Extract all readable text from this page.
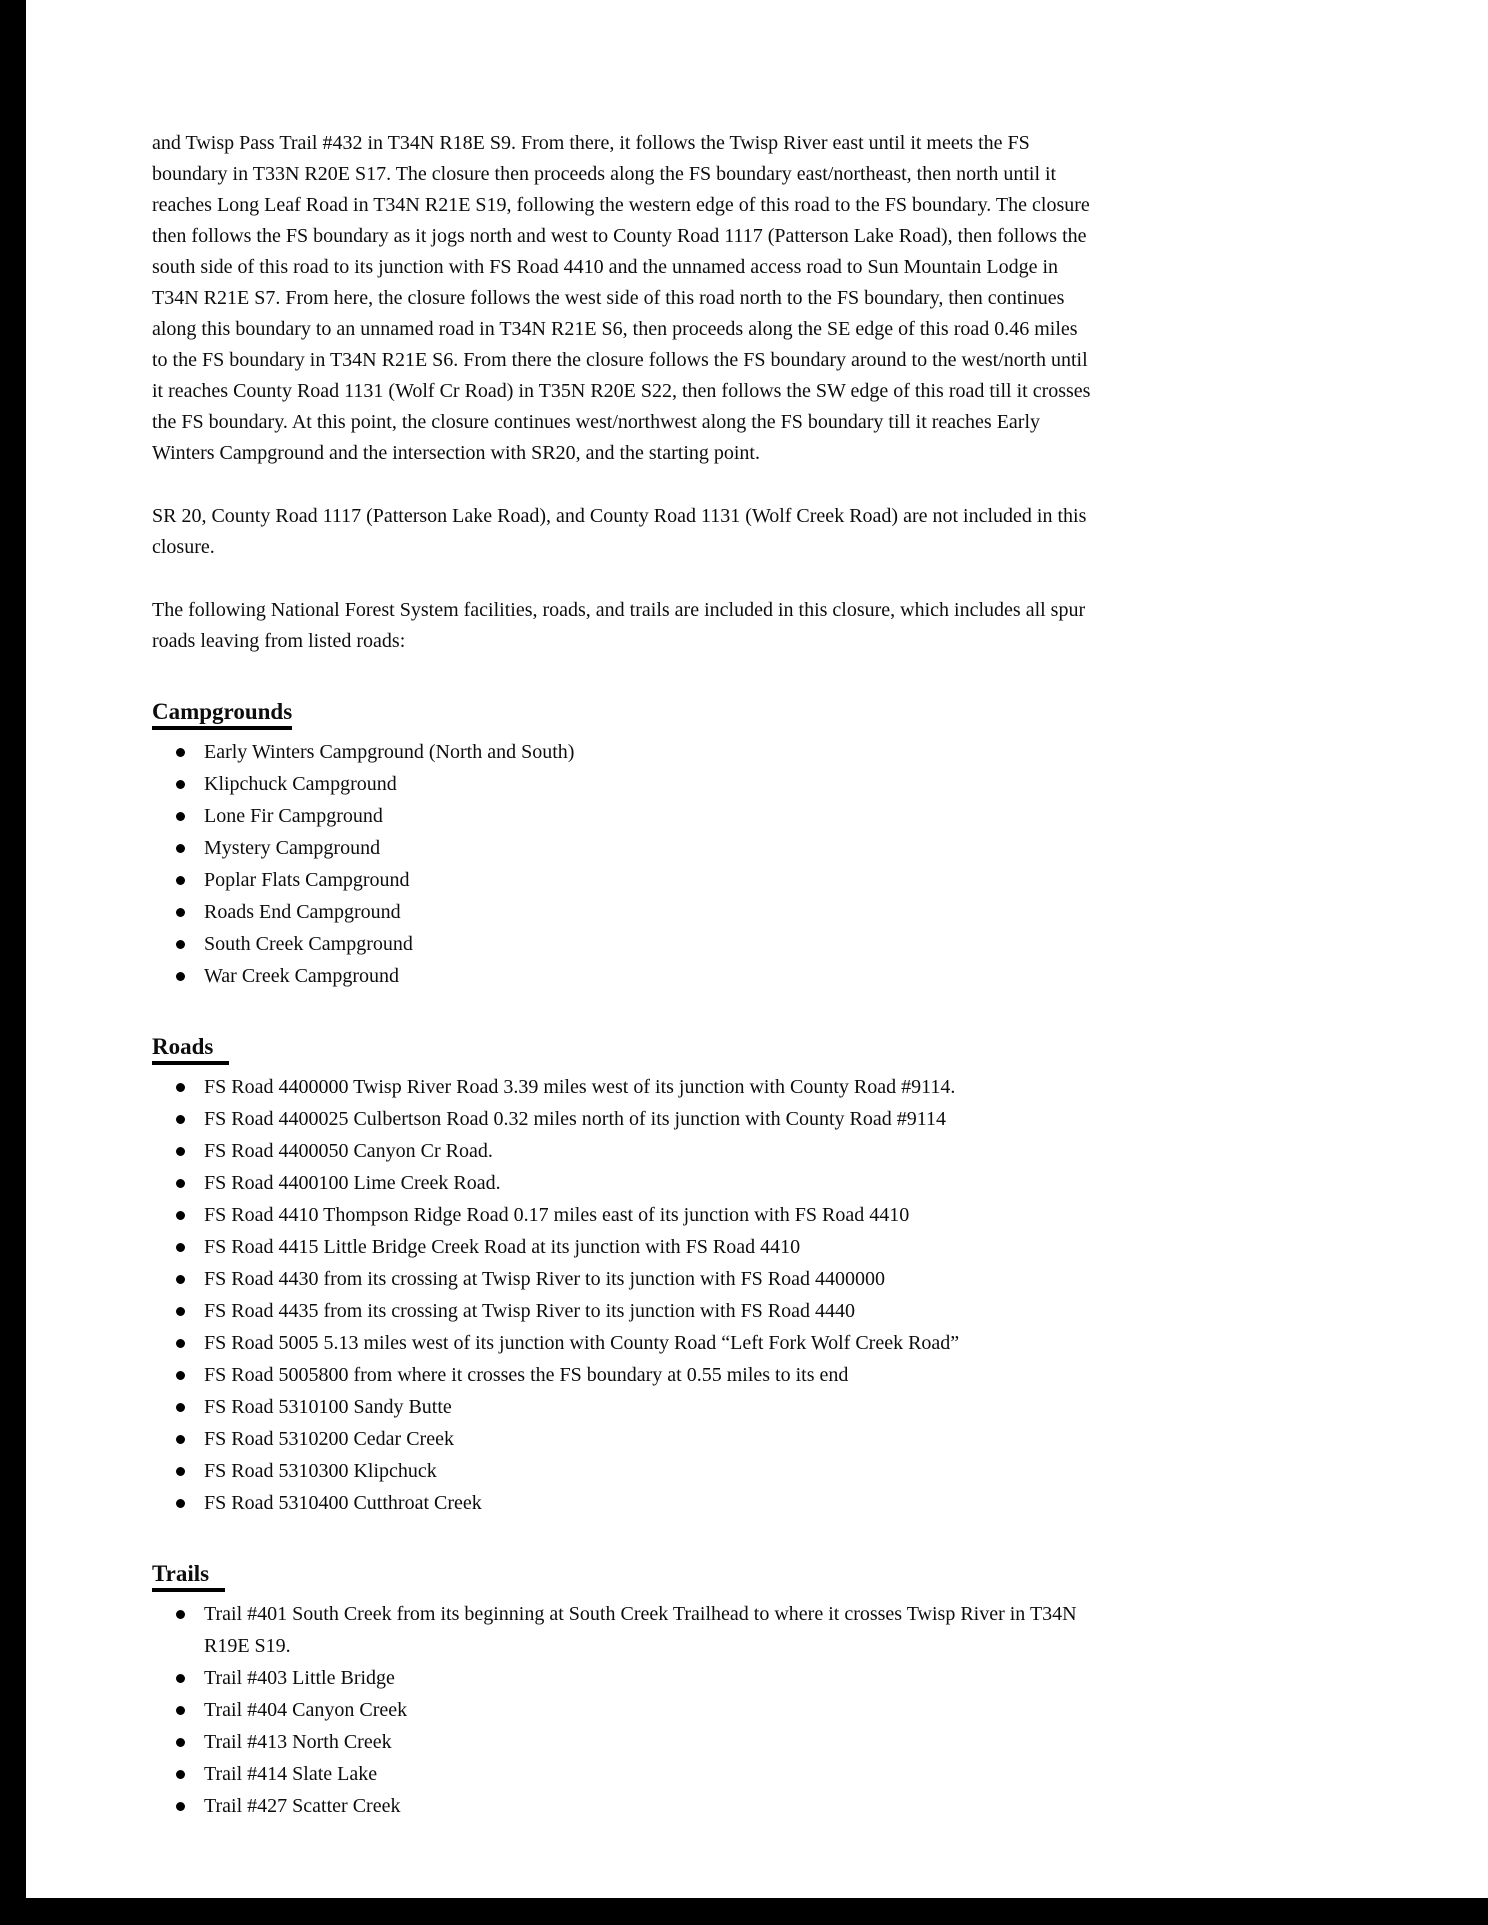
and Twisp Pass Trail #432 in T34N R18E S9. From there, it follows the Twisp River east until it meets the FS boundary in T33N R20E S17. The closure then proceeds along the FS boundary east/northeast, then north until it reaches Long Leaf Road in T34N R21E S19, following the western edge of this road to the FS boundary. The closure then follows the FS boundary as it jogs north and west to County Road 1117 (Patterson Lake Road), then follows the south side of this road to its junction with FS Road 4410 and the unnamed access road to Sun Mountain Lodge in T34N R21E S7. From here, the closure follows the west side of this road north to the FS boundary, then continues along this boundary to an unnamed road in T34N R21E S6, then proceeds along the SE edge of this road 0.46 miles to the FS boundary in T34N R21E S6. From there the closure follows the FS boundary around to the west/north until it reaches County Road 1131 (Wolf Cr Road) in T35N R20E S22, then follows the SW edge of this road till it crosses the FS boundary. At this point, the closure continues west/northwest along the FS boundary till it reaches Early Winters Campground and the intersection with SR20, and the starting point.

SR 20, County Road 1117 (Patterson Lake Road), and County Road 1131 (Wolf Creek Road) are not included in this closure.

The following National Forest System facilities, roads, and trails are included in this closure, which includes all spur roads leaving from listed roads:

Campgrounds
Early Winters Campground (North and South)
Klipchuck Campground
Lone Fir Campground
Mystery Campground
Poplar Flats Campground
Roads End Campground
South Creek Campground
War Creek Campground
Roads
FS Road 4400000 Twisp River Road 3.39 miles west of its junction with County Road #9114.
FS Road 4400025 Culbertson Road 0.32 miles north of its junction with County Road #9114
FS Road 4400050 Canyon Cr Road.
FS Road 4400100 Lime Creek Road.
FS Road 4410 Thompson Ridge Road 0.17 miles east of its junction with FS Road 4410
FS Road 4415 Little Bridge Creek Road at its junction with FS Road 4410
FS Road 4430 from its crossing at Twisp River to its junction with FS Road 4400000
FS Road 4435 from its crossing at Twisp River to its junction with FS Road 4440
FS Road 5005 5.13 miles west of its junction with County Road “Left Fork Wolf Creek Road”
FS Road 5005800 from where it crosses the FS boundary at 0.55 miles to its end
FS Road 5310100 Sandy Butte
FS Road 5310200 Cedar Creek
FS Road 5310300 Klipchuck
FS Road 5310400 Cutthroat Creek
Trails
Trail #401 South Creek from its beginning at South Creek Trailhead to where it crosses Twisp River in T34N R19E S19.
Trail #403 Little Bridge
Trail #404 Canyon Creek
Trail #413 North Creek
Trail #414 Slate Lake
Trail #427 Scatter Creek
